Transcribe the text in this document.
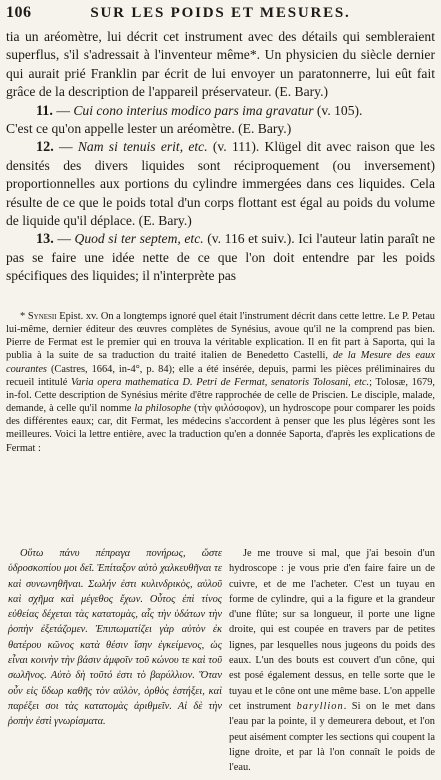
106	SUR LES POIDS ET MESURES.

tia un aréomètre, lui décrit cet instrument avec des détails qui sembleraient superflus, s'il s'adressait à l'inventeur même*. Un physicien du siècle dernier qui aurait prié Franklin par écrit de lui envoyer un paratonnerre, lui eût fait grâce de la description de l'appareil préservateur. (E. Bary.)

11. — Cui cono interius modico pars ima gravatur (v. 105).
C'est ce qu'on appelle lester un aréomètre. (E. Bary.)

12. — Nam si tenuis erit, etc. (v. 111). Klügel dit avec raison que les densités des divers liquides sont réciproquement (ou inversement) proportionnelles aux portions du cylindre immergées dans ces liquides. Cela résulte de ce que le poids total d'un corps flottant est égal au poids du volume de liquide qu'il déplace. (E. Bary.)

13. — Quod si ter septem, etc. (v. 116 et suiv.). Ici l'auteur latin paraît ne pas se faire une idée nette de ce que l'on doit entendre par les poids spécifiques des liquides; il n'interprète pas

* Synesii Epist. xv. On a longtemps ignoré quel était l'instrument décrit dans cette lettre. Le P. Petau lui-même, dernier éditeur des œuvres complètes de Synésius, avoue qu'il ne la comprend pas bien. Pierre de Fermat est le premier qui en trouva la véritable explication. Il en fit part à Saporta, qui la publia à la suite de sa traduction du traité italien de Benedetto Castelli, de la Mesure des eaux courantes (Castres, 1664, in-4°, p. 84); elle a été insérée, depuis, parmi les pièces préliminaires du recueil intitulé Varia opera mathematica D. Petri de Fermat, senatoris Tolosani, etc.; Tolosæ, 1679, in-fol. Cette description de Synésius mérite d'être rapprochée de celle de Priscien. Le disciple, malade, demande, à celle qu'il nomme la philosophe (τὴν φιλόσοφον), un hydroscope pour comparer les poids des différentes eaux; car, dit Fermat, les médecins s'accordent à penser que les plus légères sont les meilleures. Voici la lettre entière, avec la traduction qu'en a donnée Saporta, d'après les explications de Fermat :

Οὕτω πάνυ πέπραγα πονήρως, ὥστε ὑδροσκοπίου μοι δεῖ. Ἐπίταξον αὐτὸ χαλκευθῆναι τε καὶ συνωνηθῆναι. Σωλήν ἐστι κυλινδρικὸς, αὐλοῦ καὶ σχῆμα καὶ μέγεθος ἔχων. Οὗτος ἐπὶ τίνος εὐθείας δέχεται τὰς κατατομὰς, αἷς τὴν ὑδάτων τὴν ῥοπὴν ἐξετάζομεν. Ἐπιπωματίζει γὰρ αὐτὸν ἐκ θατέρου κῶνος κατὰ θέσιν ἴσην ἐγκείμενος, ὡς εἶναι κοινὴν τὴν βάσιν ἀμφοῖν τοῦ κώνου τε καὶ τοῦ σωλῆνος. Αὐτὸ δὴ τοῦτό ἐστι τὸ βαρύλλιον. Ὅταν οὖν εἰς ὕδωρ καθῆς τὸν αὐλὸν, ὀρθὸς ἑστήξει, καὶ παρέξει σοι τὰς κατατομὰς ἀριθμεῖν. Αἱ δὲ τὴν ῥοπὴν ἐστὶ γνωρίσματα.

Je me trouve si mal, que j'ai besoin d'un hydroscope : je vous prie d'en faire faire un de cuivre, et de me l'acheter. C'est un tuyau en forme de cylindre, qui a la figure et la grandeur d'une flûte; sur sa longueur, il porte une ligne droite, qui est coupée en travers par de petites lignes, par lesquelles nous jugeons du poids des eaux. L'un des bouts est couvert d'un cône, qui est posé également dessus, en telle sorte que le tuyau et le cône ont une même base. L'on appelle cet instrument baryllion. Si on le met dans l'eau par la pointe, il y demeurera debout, et l'on peut aisément compter les sections qui coupent la ligne droite, et par là l'on connaît le poids de l'eau.
